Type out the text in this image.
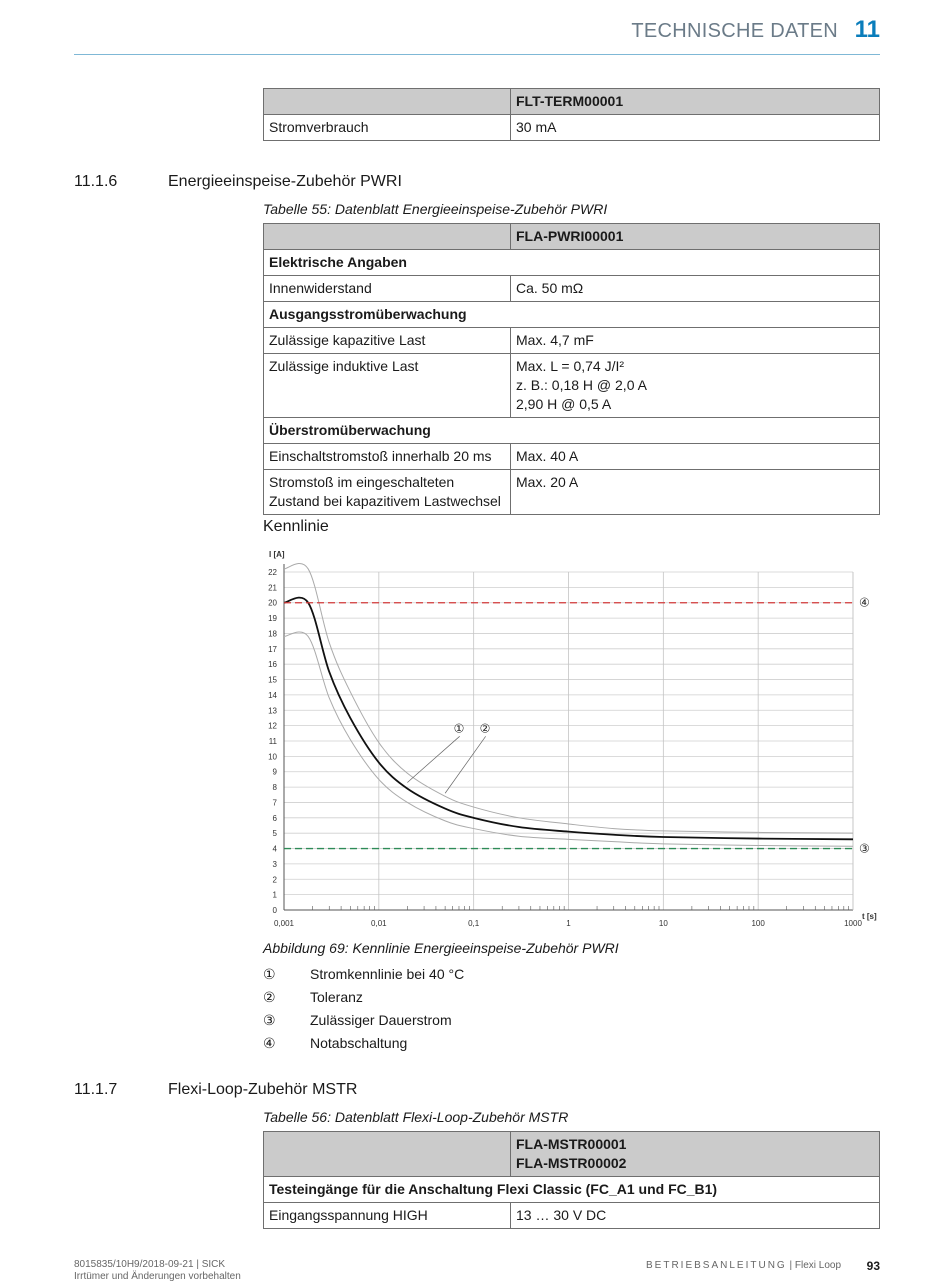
TECHNISCHE DATEN 11
	FLT-TERM00001
Stromverbrauch	30 mA
11.1.6	Energieeinspeise-Zubehör PWRI
Tabelle 55: Datenblatt Energieeinspeise-Zubehör PWRI
	FLA-PWRI00001
Elektrische Angaben	
Innenwiderstand	Ca. 50 mΩ
Ausgangsstromüberwachung	
Zulässige kapazitive Last	Max. 4,7 mF
Zulässige induktive Last	Max. L = 0,74 J/I²
z. B.: 0,18 H @ 2,0 A
2,90 H @ 0,5 A

Überstromüberwachung	
Einschaltstromstoß innerhalb 20 ms	Max. 40 A

Stromstoß im eingeschalteten
Zustand bei kapazitivem Lastwechsel	Max. 20 A
Kennlinie
0
1
2
3
4
5
6
7
8
9
10
11
12
13
14
15
16
17
18
19
20
21
22
0,001	0,01	0,1	1	10	100	1000
③
④
① ②
I [A]
t [s]
Abbildung 69: Kennlinie Energieeinspeise-Zubehör PWRI
①	Stromkennlinie bei 40 °C
②	Toleranz
③	Zulässiger Dauerstrom
④	Notabschaltung
11.1.7	Flexi-Loop-Zubehör MSTR
Tabelle 56: Datenblatt Flexi-Loop-Zubehör MSTR

	FLA-MSTR00001
FLA-MSTR00002

Testeingänge für die Anschaltung Flexi Classic (FC_A1 und FC_B1)	
Eingangsspannung HIGH	13 … 30 V DC
8015835/10H9/2018-09-21 | SICK
Irrtümer und Änderungen vorbehalten
BETRIEBSANLEITUNG | Flexi Loop 93
